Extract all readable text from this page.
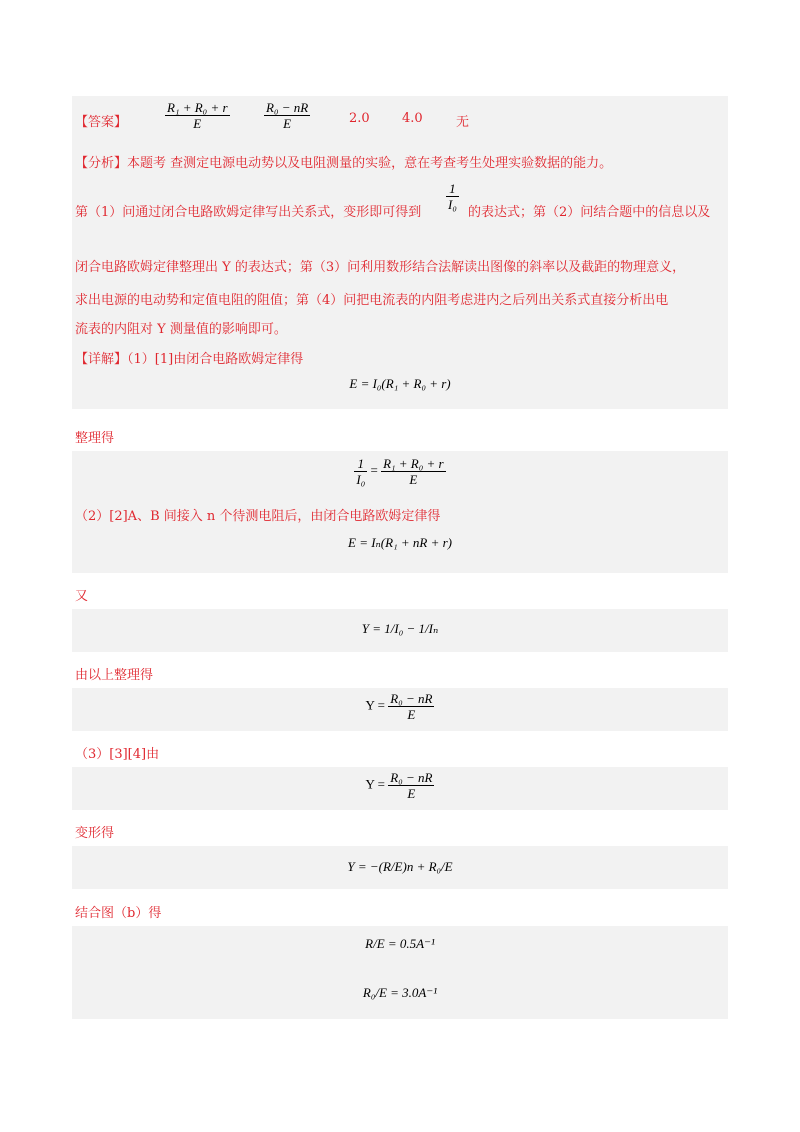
【答案】	$\frac{\text{R₁ + R₀ + r}}{E}$	$\frac{\text{R₀ − nR}}{E}$	2.0 4.0	无
【分析】本题考 查测定电源电动势以及电阻测量的实验，意在考查考生处理实验数据的能力。
第（1）问通过闭合电路欧姆定律写出关系式，变形即可得到
$\frac{1}{\text{I₀}}$
的表达式；第（2）问结合题中的信息以及
闭合电路欧姆定律整理出 Y 的表达式；第（3）问利用数形结合法解读出图像的斜率以及截距的物理意义，
求出电源的电动势和定值电阻的阻值；第（4）问把电流表的内阻考虑进内之后列出关系式直接分析出电
流表的内阻对 Y 测量值的影响即可。
【详解】（1）[1]由闭合电路欧姆定律得
E = I₀(R₁ + R₀ + r)
整理得
$\frac{1}{\text{I₀}} = \frac{\text{R₁ + R₀ + r}}{E}$
（2）[2]A、B 间接入 n 个待测电阻后，由闭合电路欧姆定律得
E = Iₙ(R₁ + nR + r)
又
Y = 1/I₀ − 1/Iₙ
由以上整理得
$Y = \frac{\text{R₀ − nR}}{E}$
（3）[3][4]由
$Y = \frac{\text{R₀ − nR}}{E}$
变形得
Y = −(R/E)n + R₀/E
结合图（b）得
R/E = 0.5A⁻¹
R₀/E = 3.0A⁻¹
